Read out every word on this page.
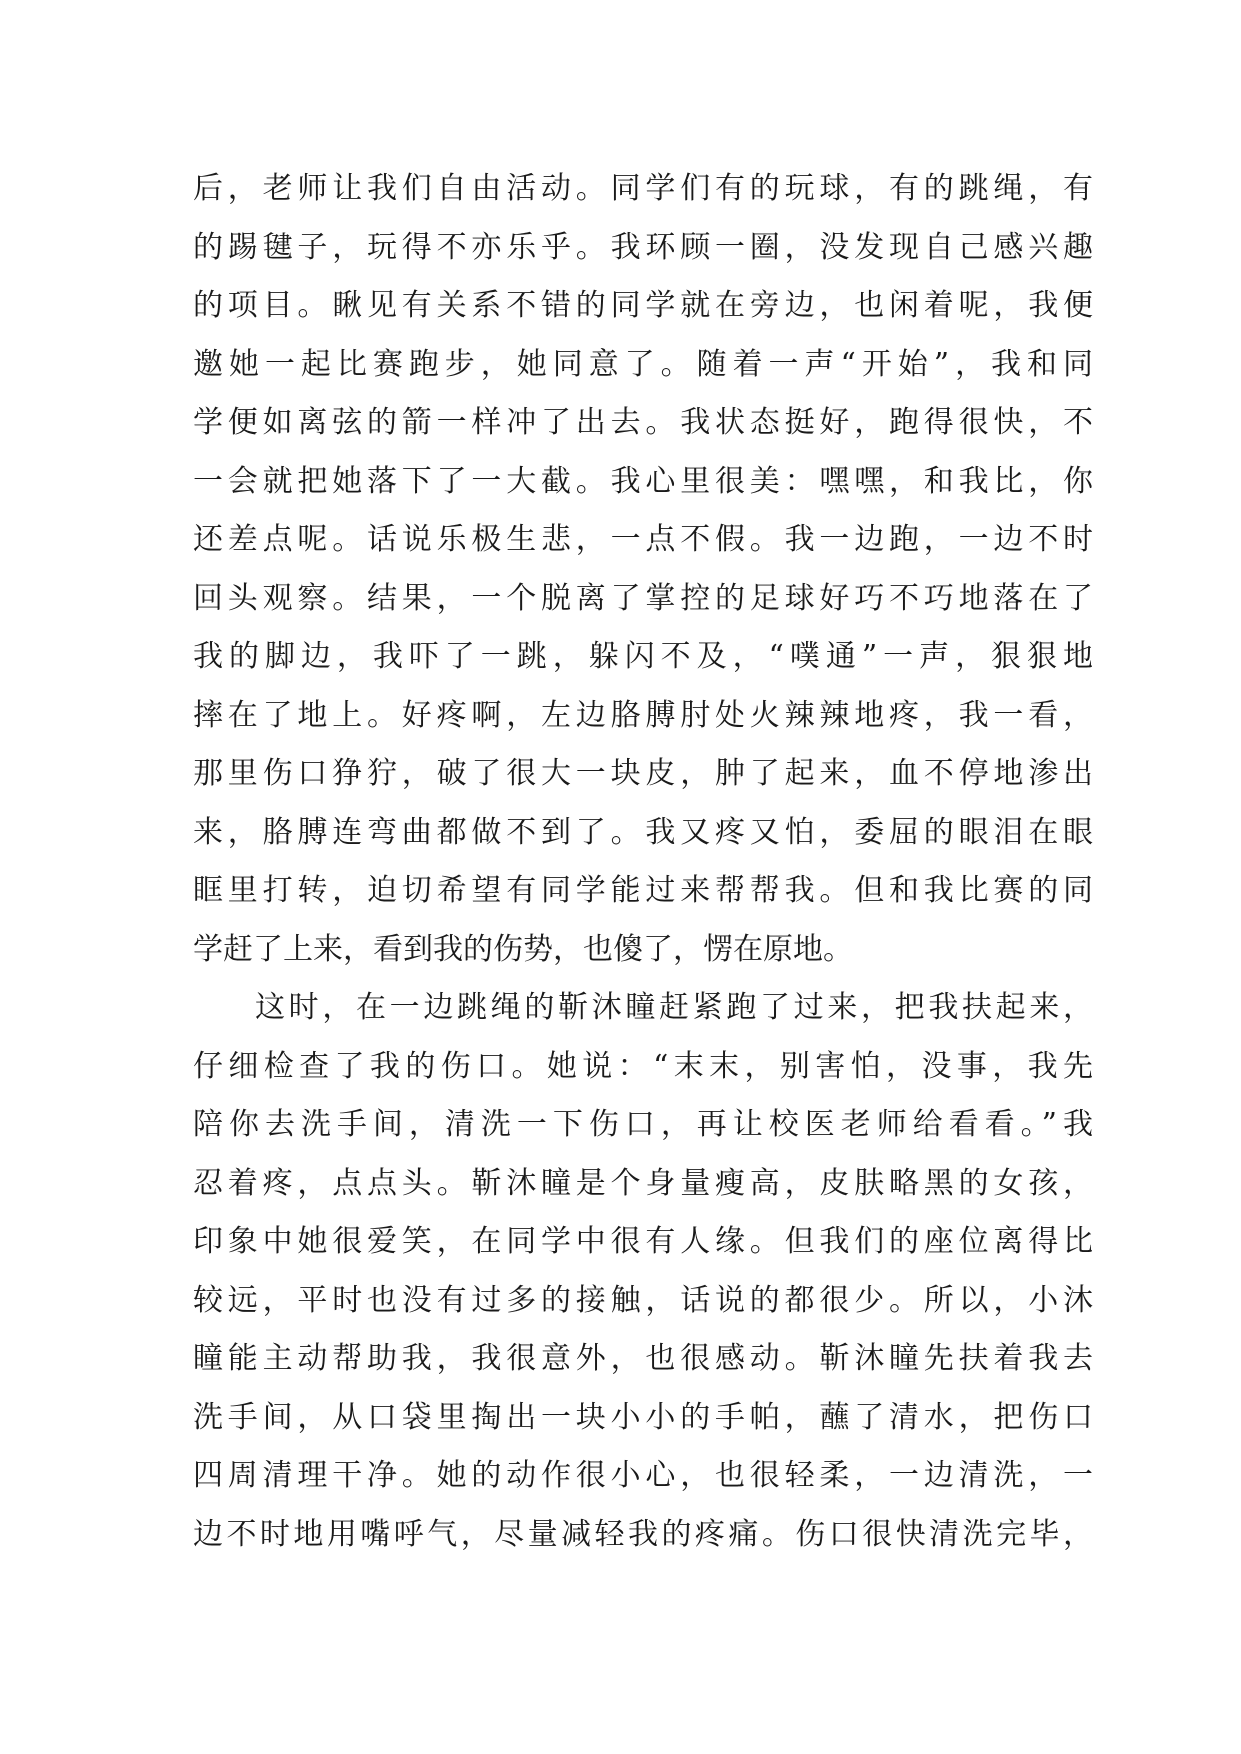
后，老师让我们自由活动。同学们有的玩球，有的跳绳，有
的踢毽子，玩得不亦乐乎。我环顾一圈，没发现自己感兴趣
的项目。瞅见有关系不错的同学就在旁边，也闲着呢，我便
邀她一起比赛跑步，她同意了。随着一声“开始”，我和同
学便如离弦的箭一样冲了出去。我状态挺好，跑得很快，不
一会就把她落下了一大截。我心里很美：嘿嘿，和我比，你
还差点呢。话说乐极生悲，一点不假。我一边跑，一边不时
回头观察。结果，一个脱离了掌控的足球好巧不巧地落在了
我的脚边，我吓了一跳，躲闪不及，“噗通”一声，狠狠地
摔在了地上。好疼啊，左边胳膊肘处火辣辣地疼，我一看，
那里伤口狰狞，破了很大一块皮，肿了起来，血不停地渗出
来，胳膊连弯曲都做不到了。我又疼又怕，委屈的眼泪在眼
眶里打转，迫切希望有同学能过来帮帮我。但和我比赛的同
学赶了上来，看到我的伤势，也傻了，愣在原地。
这时，在一边跳绳的靳沐瞳赶紧跑了过来，把我扶起来，
仔细检查了我的伤口。她说：“末末，别害怕，没事，我先
陪你去洗手间，清洗一下伤口，再让校医老师给看看。”我
忍着疼，点点头。靳沐瞳是个身量瘦高，皮肤略黑的女孩，
印象中她很爱笑，在同学中很有人缘。但我们的座位离得比
较远，平时也没有过多的接触，话说的都很少。所以，小沐
瞳能主动帮助我，我很意外，也很感动。靳沐瞳先扶着我去
洗手间，从口袋里掏出一块小小的手帕，蘸了清水，把伤口
四周清理干净。她的动作很小心，也很轻柔，一边清洗，一
边不时地用嘴呼气，尽量减轻我的疼痛。伤口很快清洗完毕，
